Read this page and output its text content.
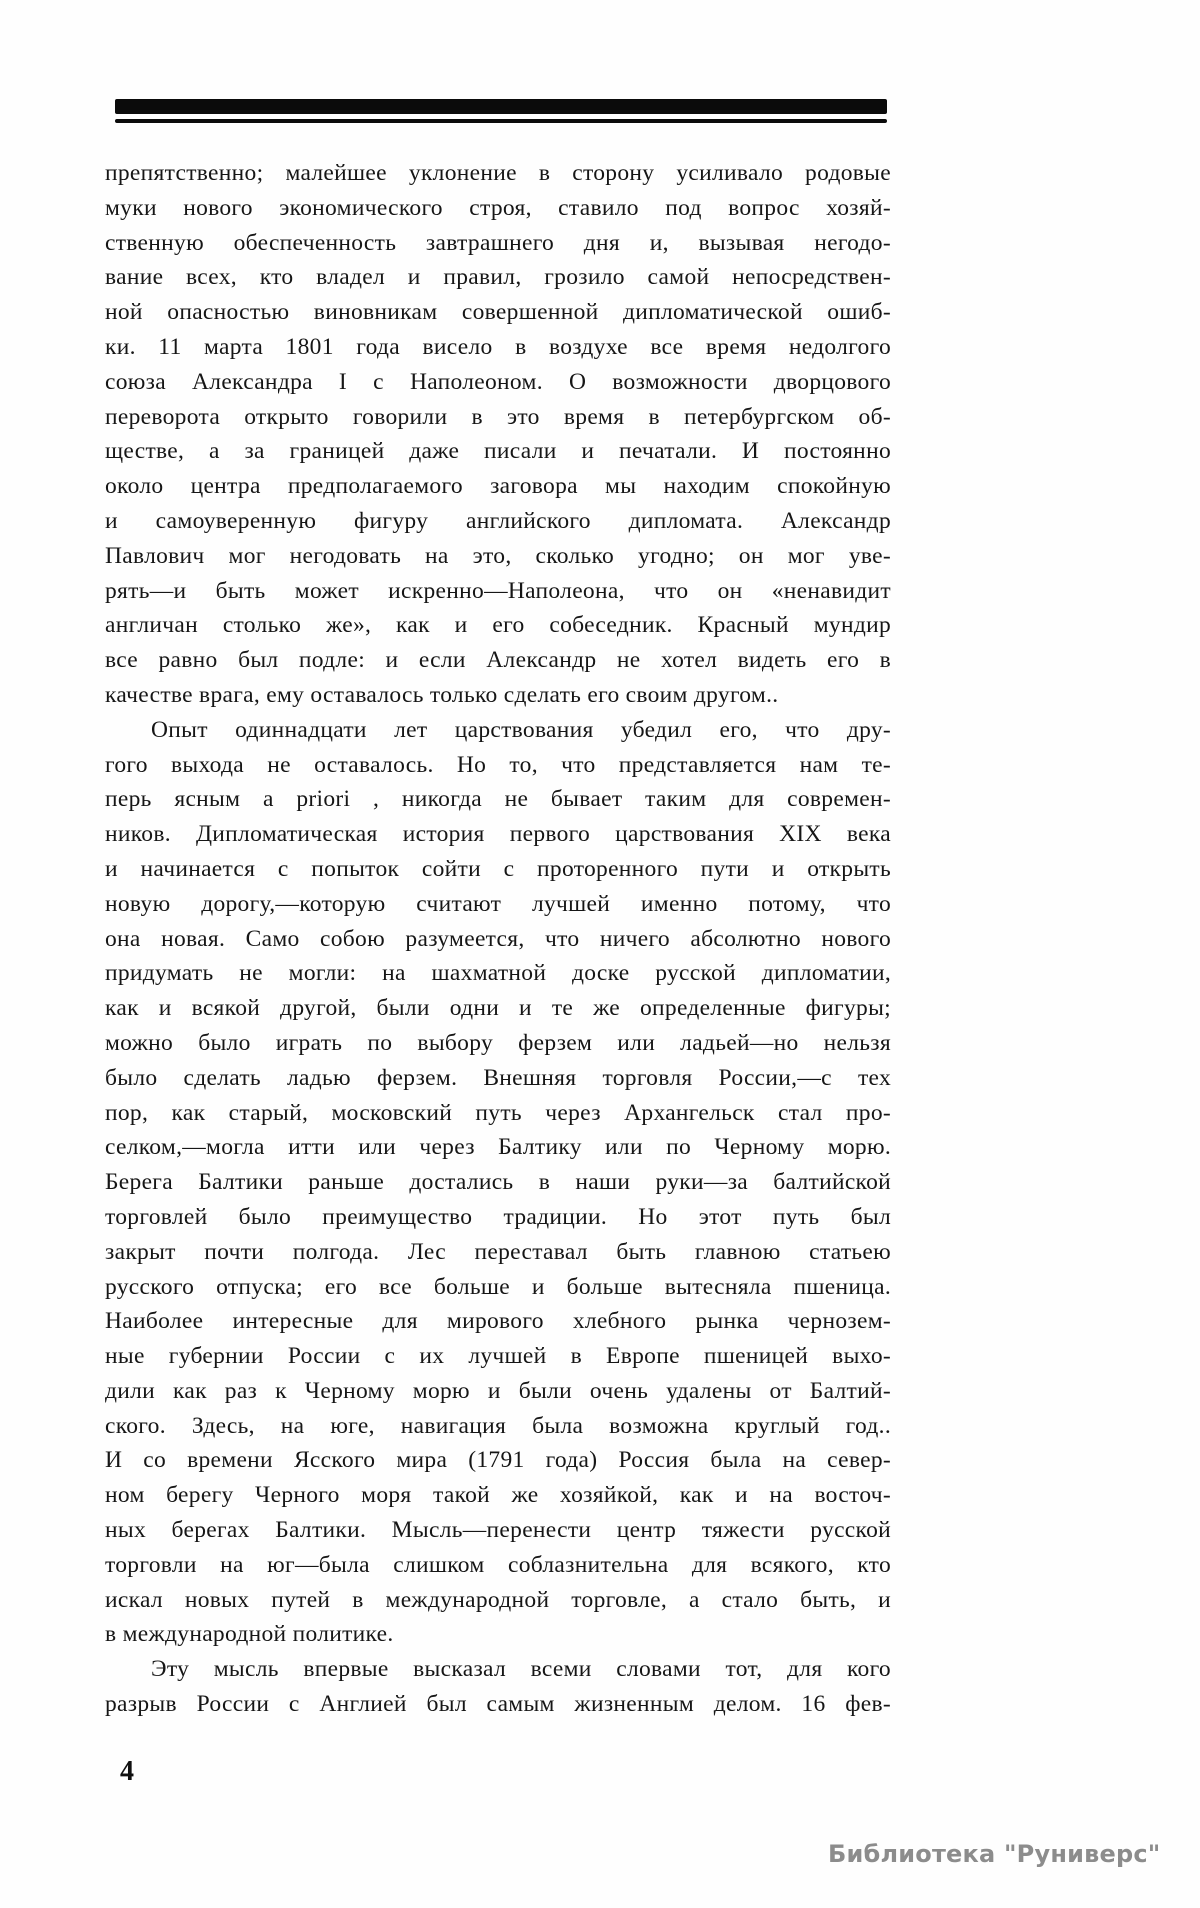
препятственно; малейшее уклонение в сторону усиливало родовые
муки нового экономического строя, ставило под вопрос хозяй-
ственную обеспеченность завтрашнего дня и, вызывая негодо-
вание всех, кто владел и правил, грозило самой непосредствен-
ной опасностью виновникам совершенной дипломатической ошиб-
ки. 11 марта 1801 года висело в воздухе все время недолгого
союза Александра I с Наполеоном. О возможности дворцового
переворота открыто говорили в это время в петербургском об-
ществе, а за границей даже писали и печатали. И постоянно
около центра предполагаемого заговора мы находим спокойную
и самоуверенную фигуру английского дипломата. Александр
Павлович мог негодовать на это, сколько угодно; он мог уве-
рять—и быть может искренно—Наполеона, что он «ненавидит
англичан столько же», как и его собеседник. Красный мундир
все равно был подле: и если Александр не хотел видеть его в
качестве врага, ему оставалось только сделать его своим другом..
Опыт одиннадцати лет царствования убедил его, что дру-
гого выхода не оставалось. Но то, что представляется нам те-
перь ясным a priori , никогда не бывает таким для современ-
ников. Дипломатическая история первого царствования XIX века
и начинается с попыток сойти с проторенного пути и открыть
новую дорогу,—которую считают лучшей именно потому, что
она новая. Само собою разумеется, что ничего абсолютно нового
придумать не могли: на шахматной доске русской дипломатии,
как и всякой другой, были одни и те же определенные фигуры;
можно было играть по выбору ферзем или ладьей—но нельзя
было сделать ладью ферзем. Внешняя торговля России,—с тех
пор, как старый, московский путь через Архангельск стал про-
селком,—могла итти или через Балтику или по Черному морю.
Берега Балтики раньше достались в наши руки—за балтийской
торговлей было преимущество традиции. Но этот путь был
закрыт почти полгода. Лес переставал быть главною статьею
русского отпуска; его все больше и больше вытесняла пшеница.
Наиболее интересные для мирового хлебного рынка чернозем-
ные губернии России с их лучшей в Европе пшеницей выхо-
дили как раз к Черному морю и были очень удалены от Балтий-
ского. Здесь, на юге, навигация была возможна круглый год..
И со времени Ясского мира (1791 года) Россия была на север-
ном берегу Черного моря такой же хозяйкой, как и на восточ-
ных берегах Балтики. Мысль—перенести центр тяжести русской
торговли на юг—была слишком соблазнительна для всякого, кто
искал новых путей в международной торговле, а стало быть, и
в международной политике.
Эту мысль впервые высказал всеми словами тот, для кого
разрыв России с Англией был самым жизненным делом. 16 фев-
4
Библиотека "Руниверс"
